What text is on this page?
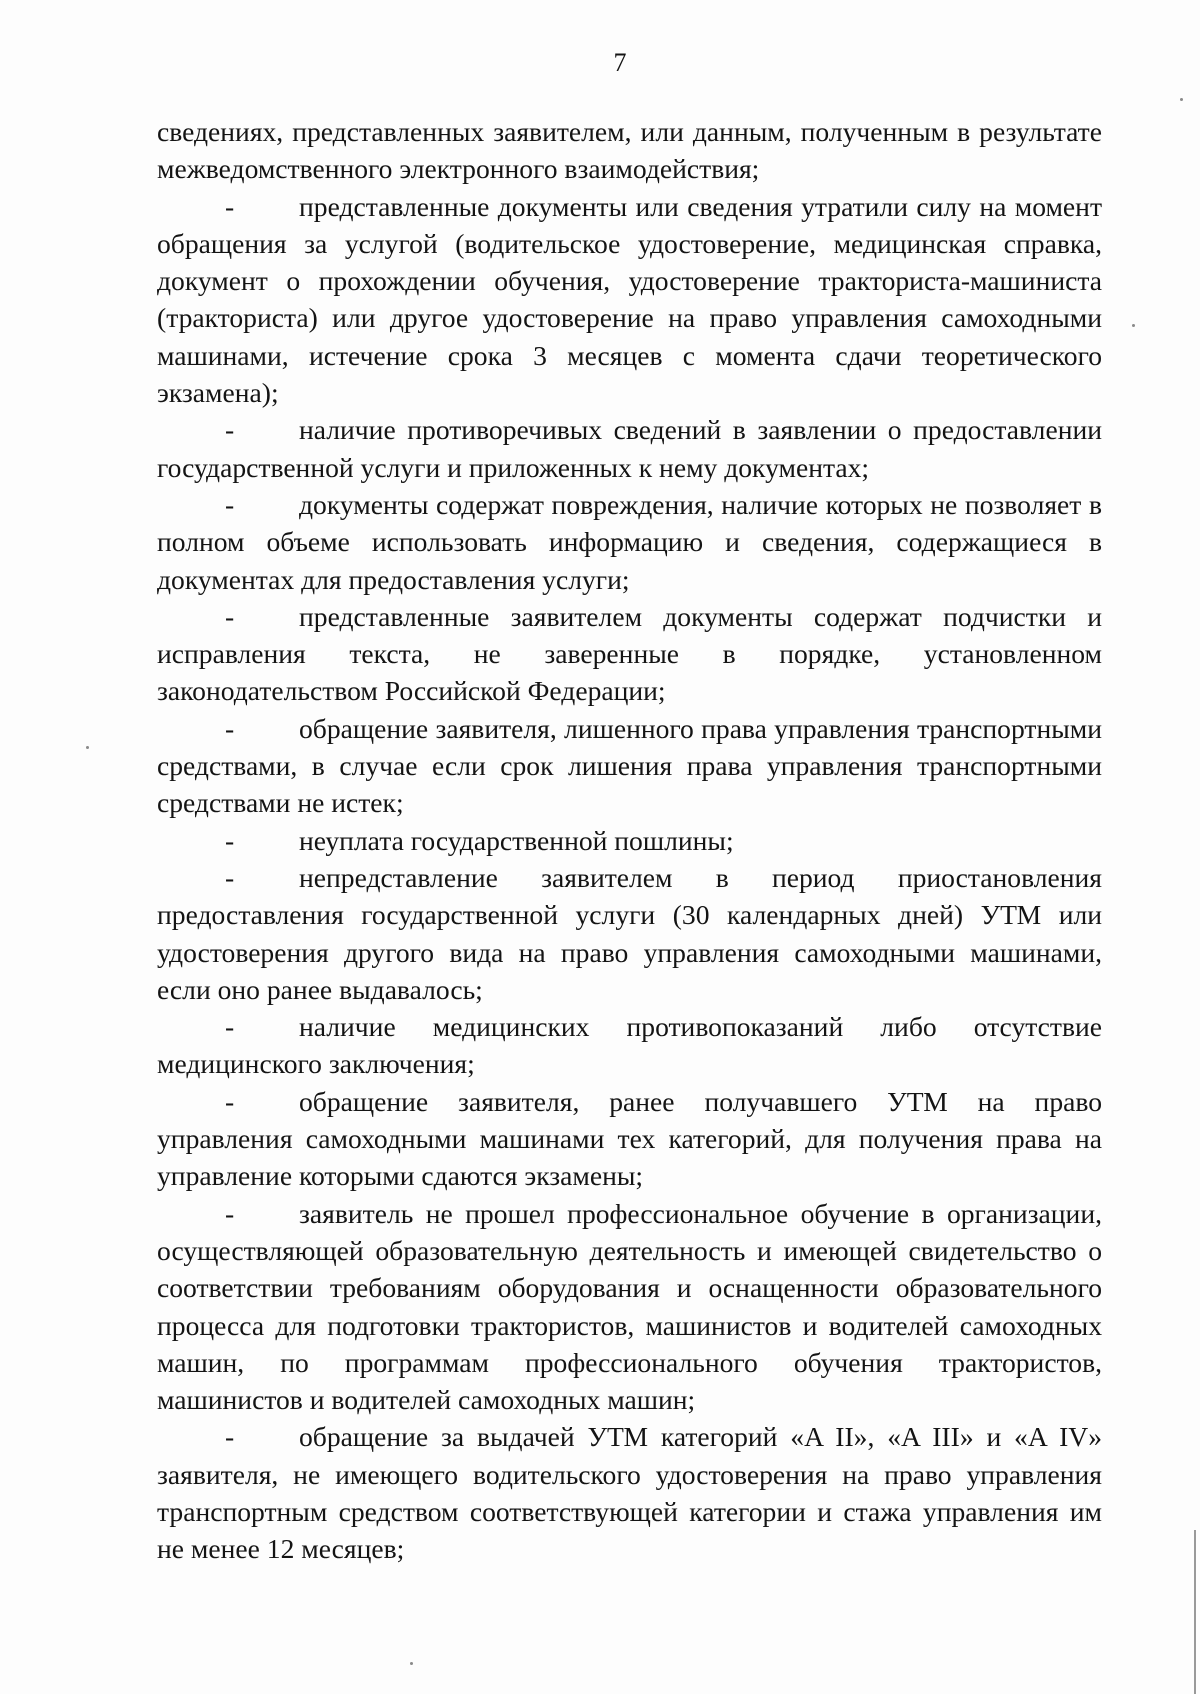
7

сведениях, представленных заявителем, или данным, полученным в результате межведомственного электронного взаимодействия;

- представленные документы или сведения утратили силу на момент обращения за услугой (водительское удостоверение, медицинская справка, документ о прохождении обучения, удостоверение тракториста-машиниста (тракториста) или другое удостоверение на право управления самоходными машинами, истечение срока 3 месяцев с момента сдачи теоретического экзамена);

- наличие противоречивых сведений в заявлении о предоставлении государственной услуги и приложенных к нему документах;

- документы содержат повреждения, наличие которых не позволяет в полном объеме использовать информацию и сведения, содержащиеся в документах для предоставления услуги;

- представленные заявителем документы содержат подчистки и исправления текста, не заверенные в порядке, установленном законодательством Российской Федерации;

- обращение заявителя, лишенного права управления транспортными средствами, в случае если срок лишения права управления транспортными средствами не истек;

- неуплата государственной пошлины;

- непредставление заявителем в период приостановления предоставления государственной услуги (30 календарных дней) УТМ или удостоверения другого вида на право управления самоходными машинами, если оно ранее выдавалось;

- наличие медицинских противопоказаний либо отсутствие медицинского заключения;

- обращение заявителя, ранее получавшего УТМ на право управления самоходными машинами тех категорий, для получения права на управление которыми сдаются экзамены;

- заявитель не прошел профессиональное обучение в организации, осуществляющей образовательную деятельность и имеющей свидетельство о соответствии требованиям оборудования и оснащенности образовательного процесса для подготовки трактористов, машинистов и водителей самоходных машин, по программам профессионального обучения трактористов, машинистов и водителей самоходных машин;

- обращение за выдачей УТМ категорий «A II», «A III» и «A IV» заявителя, не имеющего водительского удостоверения на право управления транспортным средством соответствующей категории и стажа управления им не менее 12 месяцев;
